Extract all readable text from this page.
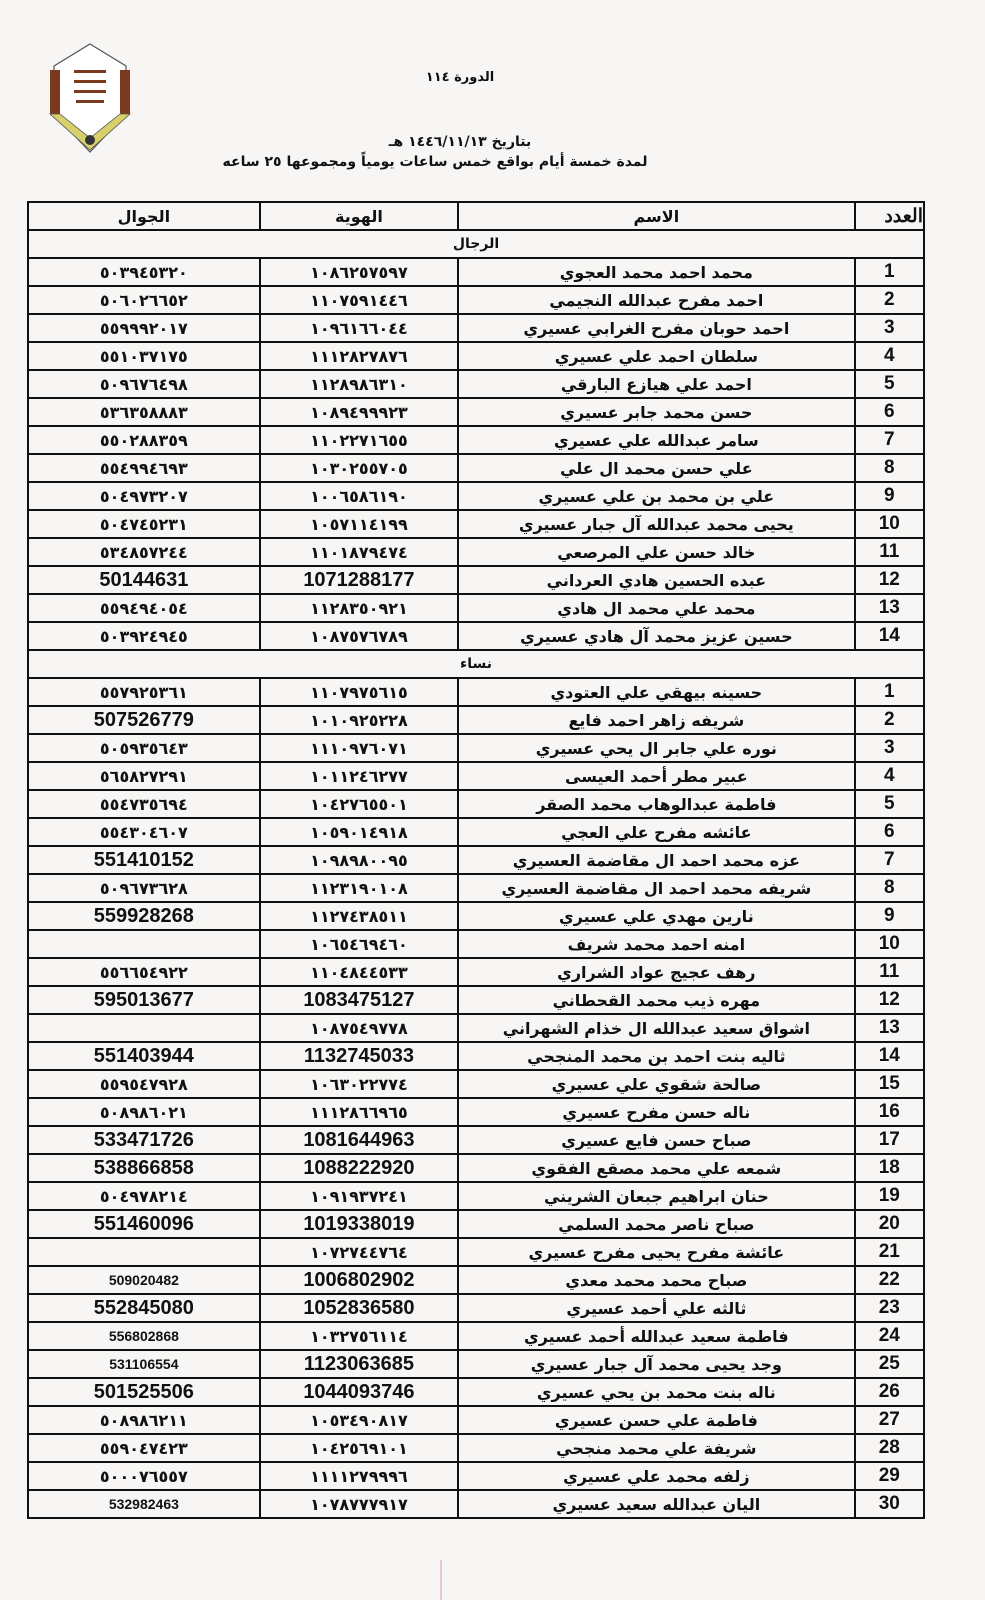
الدورة ١١٤
بتاريخ ١٤٤٦/١١/١٣ هـ
لمدة خمسة أيام بواقع خمس ساعات يومياً ومجموعها ٢٥ ساعه
العدد	الاسم	الهوية	الجوال
الرجال			
1	محمد احمد محمد العجوي	١٠٨٦٢٥٧٥٩٧	٥٠٣٩٤٥٣٢٠
2	احمد مفرح عبدالله النجيمي	١١٠٧٥٩١٤٤٦	٥٠٦٠٢٦٦٥٢
3	احمد حوبان مفرح الغرابي عسيري	١٠٩٦١٦٦٠٤٤	٥٥٩٩٩٢٠١٧
4	سلطان احمد علي عسيري	١١١٢٨٢٧٨٧٦	٥٥١٠٣٧١٧٥
5	احمد علي هيازع البارقي	١١٢٨٩٨٦٣١٠	٥٠٩٦٧٦٤٩٨
6	حسن محمد جابر عسيري	١٠٨٩٤٩٩٩٢٣	٥٣٦٣٥٨٨٨٣
7	سامر عبدالله علي عسيري	١١٠٢٢٧١٦٥٥	٥٥٠٢٨٨٣٥٩
8	علي حسن محمد ال علي	١٠٣٠٢٥٥٧٠٥	٥٥٤٩٩٤٦٩٣
9	علي بن محمد بن علي عسيري	١٠٠٦٥٨٦١٩٠	٥٠٤٩٧٣٢٠٧
10	يحيى محمد عبدالله آل جبار عسيري	١٠٥٧١١٤١٩٩	٥٠٤٧٤٥٢٣١
11	خالد حسن علي المرصعي	١١٠١٨٧٩٤٧٤	٥٣٤٨٥٧٢٤٤
12	عبده الحسين هادي العرداني	1071288177	50144631
13	محمد علي محمد ال هادي	١١٢٨٣٥٠٩٢١	٥٥٩٤٩٤٠٥٤
14	حسين عزيز محمد آل هادي عسيري	١٠٨٧٥٧٦٧٨٩	٥٠٣٩٢٤٩٤٥
نساء			
1	حسينه بيهقي علي العتودي	١١٠٧٩٧٥٦١٥	٥٥٧٩٢٥٣٦١
2	شريفه زاهر احمد فايع	١٠١٠٩٢٥٢٢٨	507526779
3	نوره علي جابر ال يحي عسيري	١١١٠٩٧٦٠٧١	٥٠٥٩٣٥٦٤٣
4	عبير مطر أحمد العيسى	١٠١١٢٤٦٢٧٧	٥٦٥٨٢٧٢٩١
5	فاطمة عبدالوهاب محمد الصقر	١٠٤٢٧٦٥٥٠١	٥٥٤٧٣٥٦٩٤
6	عائشه مفرح علي العجي	١٠٥٩٠١٤٩١٨	٥٥٤٣٠٤٦٠٧
7	عزه محمد احمد ال مقاضمة العسيري	١٠٩٨٩٨٠٠٩٥	551410152
8	شريفه محمد احمد ال مقاضمة العسيري	١١٢٣١٩٠١٠٨	٥٠٩٦٧٣٦٢٨
9	نارين مهدي علي عسيري	١١٢٧٤٣٨٥١١	559928268
10	امنه احمد محمد شريف	١٠٦٥٤٦٩٤٦٠	
11	رهف عجيج عواد الشراري	١١٠٤٨٤٤٥٣٣	٥٥٦٦٥٤٩٢٢
12	مهره ذيب محمد القحطاني	1083475127	595013677
13	اشواق سعيد عبدالله ال خذام الشهراني	١٠٨٧٥٤٩٧٧٨	
14	ثاليه بنت احمد بن محمد المنجحي	1132745033	551403944
15	صالحة شقوي علي عسيري	١٠٦٣٠٢٢٧٧٤	٥٥٩٥٤٧٩٢٨
16	ناله حسن مفرح عسيري	١١١٢٨٦٦٩٦٥	٥٠٨٩٨٦٠٢١
17	صباح حسن فايع عسيري	1081644963	533471726
18	شمعه علي محمد مصقع الفقوي	1088222920	538866858
19	حنان ابراهيم جبعان الشريني	١٠٩١٩٣٧٢٤١	٥٠٤٩٧٨٢١٤
20	صباح ناصر محمد السلمي	1019338019	551460096
21	عائشة مفرح يحيى مفرح عسيري	١٠٧٢٧٤٤٧٦٤	
22	صباح محمد محمد معدي	1006802902	509020482
23	ثالثه علي أحمد عسيري	1052836580	552845080
24	فاطمة سعيد عبدالله أحمد عسيري	١٠٣٢٧٥٦١١٤	556802868
25	وجد يحيى محمد آل جبار عسيري	1123063685	531106554
26	ناله بنت محمد بن يحي عسيري	1044093746	501525506
27	فاطمة علي حسن عسيري	١٠٥٣٤٩٠٨١٧	٥٠٨٩٨٦٢١١
28	شريفة علي محمد منجحي	١٠٤٢٥٦٩١٠١	٥٥٩٠٤٧٤٢٣
29	زلفه محمد علي عسيري	١١١١٢٧٩٩٩٦	٥٠٠٠٧٦٥٥٧
30	اليان عبدالله سعيد عسيري	١٠٧٨٧٧٧٩١٧	532982463
